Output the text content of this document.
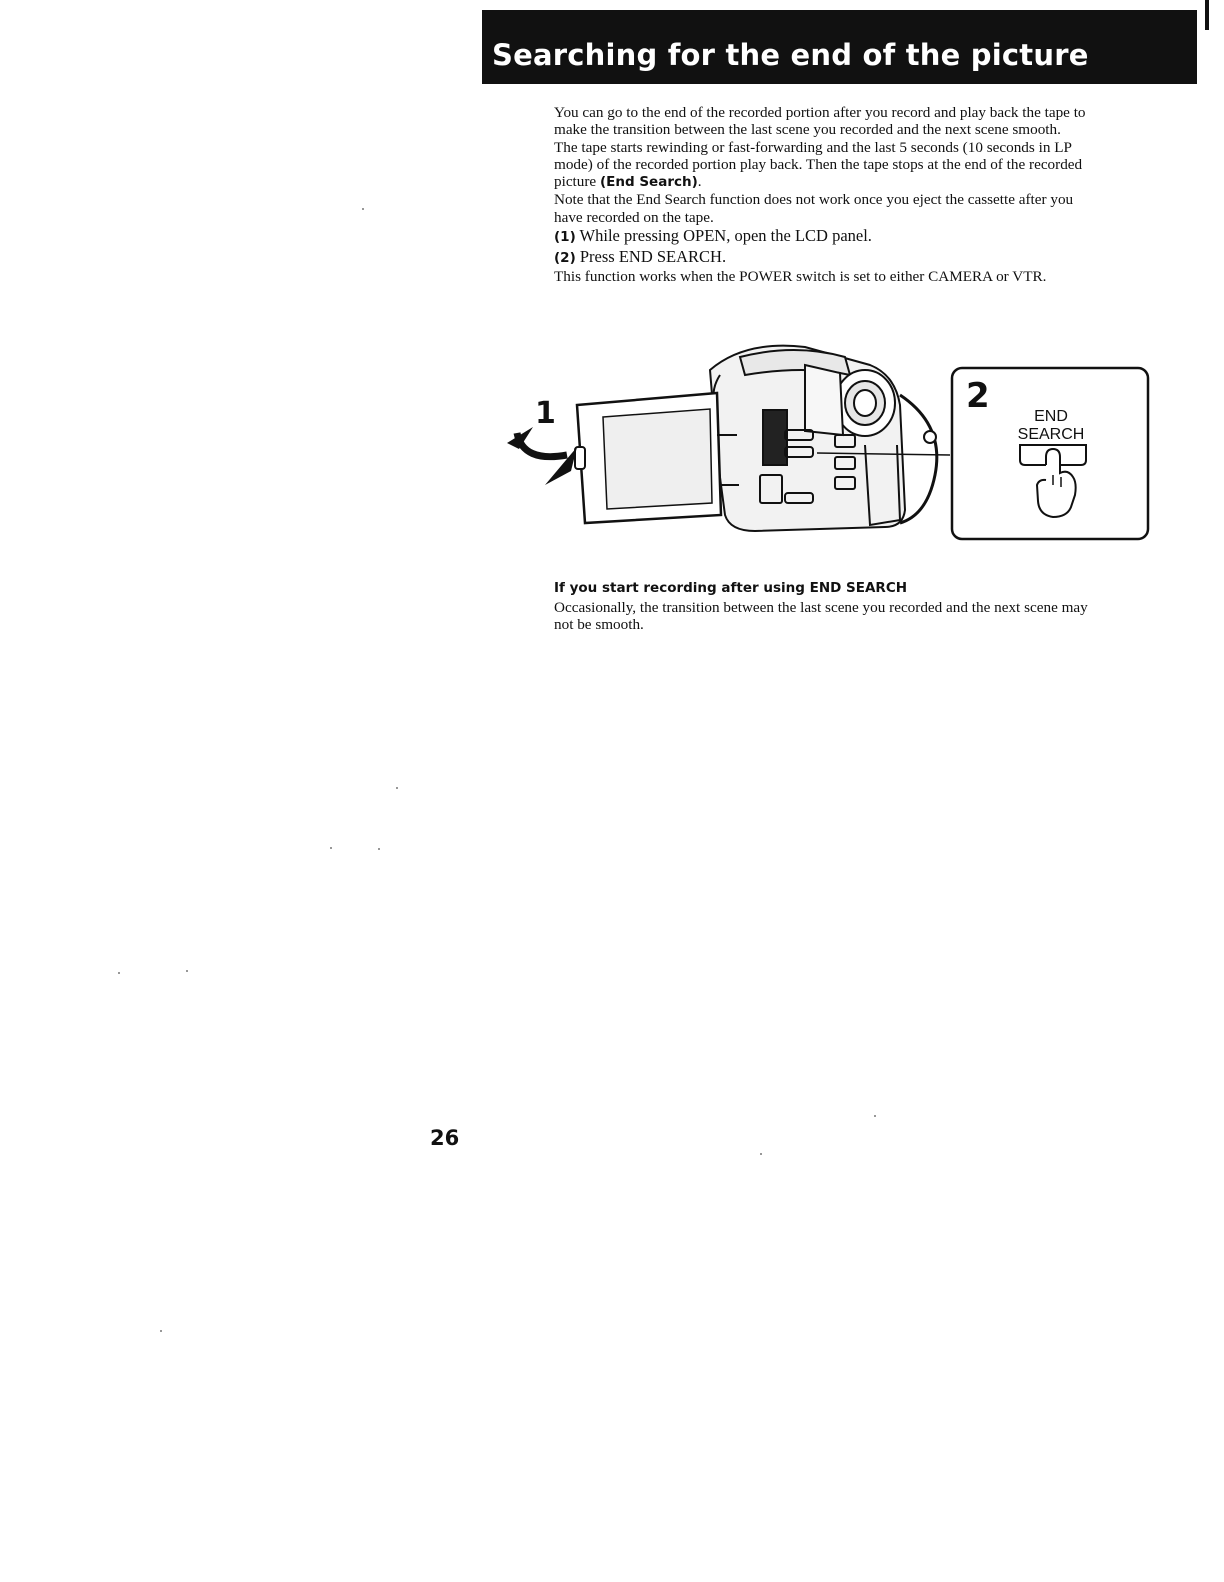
Searching for the end of the picture

You can go to the end of the recorded portion after you record and play back the tape to

make the transition between the last scene you recorded and the next scene smooth.

The tape starts rewinding or fast-forwarding and the last 5 seconds (10 seconds in LP

mode) of the recorded portion play back. Then the tape stops at the end of the recorded

picture (End Search).

Note that the End Search function does not work once you eject the cassette after you

have recorded on the tape.

(1) While pressing OPEN, open the LCD panel.

(2) Press END SEARCH.

This function works when the POWER switch is set to either CAMERA or VTR.

1	2
END
SEARCH
If you start recording after using END SEARCH

Occasionally, the transition between the last scene you recorded and the next scene may

not be smooth.

26
